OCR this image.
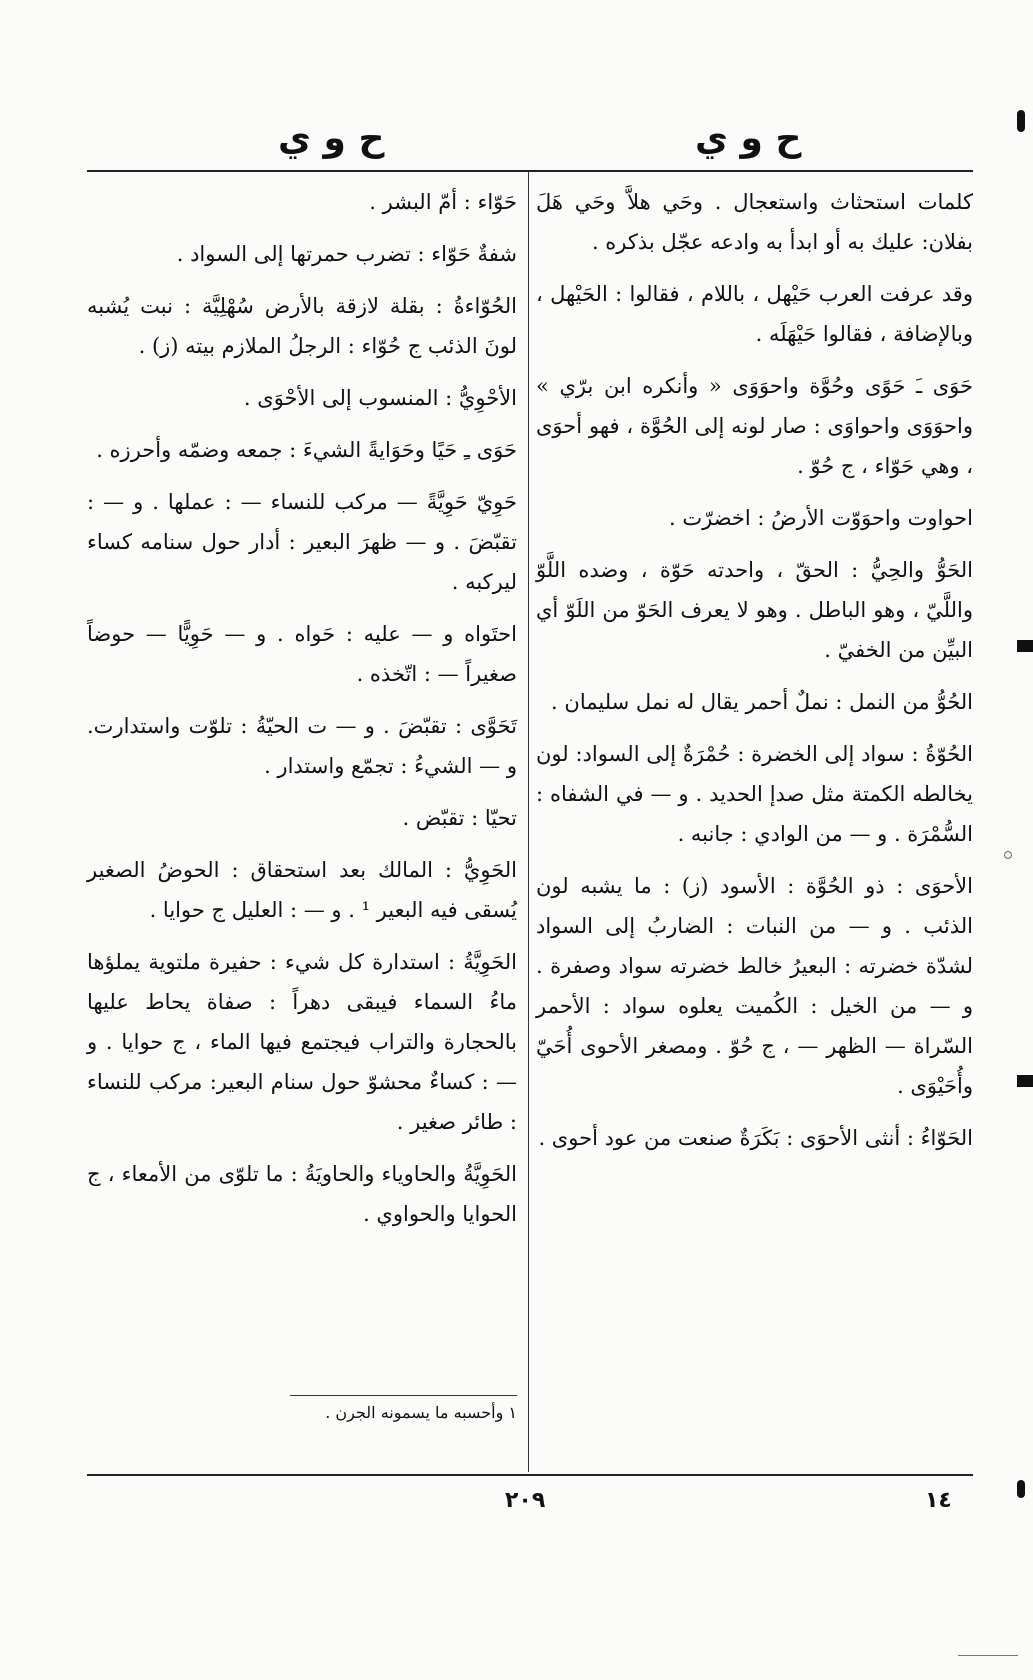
ح و ي
ح و ي

كلمات استحثاث واستعجال . وحَي هلاَّ وحَي هَلَ بفلان: عليك به أو ابدأ به وادعه عجّل بذكره .

وقد عرفت العرب حَيْهل ، باللام ، فقالوا : الحَيْهل ، وبالإضافة ، فقالوا حَيْهَلَه .

حَوَى ـَ حَوًى وحُوَّة واحوَوَى « وأنكره ابن برّي » واحوَوَى واحواوَى : صار لونه إلى الحُوَّة ، فهو أحوَى ، وهي حَوّاء ، ج حُوّ .

احواوت واحوَوّت الأرضُ : اخضرّت .

الحَوُّ والحِيُّ : الحقّ ، واحدته حَوّة ، وضده اللَّوّ واللَّيّ ، وهو الباطل . وهو لا يعرف الحَوّ من اللَوّ أي البيِّن من الخفيّ .

الحُوُّ من النمل : نملٌ أحمر يقال له نمل سليمان .

الحُوّةُ : سواد إلى الخضرة : حُمْرَةٌ إلى السواد: لون يخالطه الكمتة مثل صدإ الحديد . و — في الشفاه : السُّمْرَة . و — من الوادي : جانبه .

الأحوَى : ذو الحُوَّة : الأسود (ز) : ما يشبه لون الذئب . و — من النبات : الضاربُ إلى السواد لشدّة خضرته : البعيرُ خالط خضرته سواد وصفرة . و — من الخيل : الكُميت يعلوه سواد : الأحمر السّراة — الظهر — ، ج حُوّ . ومصغر الأحوى أُحَيّ وأُحَيْوَى .

الحَوّاءُ : أنثى الأحوَى : بَكَرَةٌ صنعت من عود أحوى .

حَوّاء : أمّ البشر .

شفةٌ حَوّاء : تضرب حمرتها إلى السواد .

الحُوّاءةُ : بقلة لازقة بالأرض سُهْلِيَّة : نبت يُشبه لونَ الذئب ج حُوّاء : الرجلُ الملازم بيته (ز) .

الأحْوِيُّ : المنسوب إلى الأحْوَى .

حَوَى ـِ حَيًا وحَوَايةً الشيءَ : جمعه وضمّه وأحرزه .

حَوِيّ حَوِيَّةً — مركب للنساء — : عملها . و — : تقبّضَ . و — ظهرَ البعير : أدار حول سنامه كساء ليركبه .

احتَواه و — عليه : حَواه . و — حَوِيًّا — حوضاً صغيراً — : اتّخذه .

تَحَوَّى : تقبّضَ . و — ت الحيّةُ : تلوّت واستدارت. و — الشيءُ : تجمّع واستدار .

تحيّا : تقبّض .

الحَوِيُّ : المالك بعد استحقاق : الحوضُ الصغير يُسقى فيه البعير ¹ . و — : العليل ج حوايا .

الحَوِيَّةُ : استدارة كل شيء : حفيرة ملتوية يملؤها ماءُ السماء فيبقى دهراً : صفاة يحاط عليها بالحجارة والتراب فيجتمع فيها الماء ، ج حوايا . و — : كساءٌ محشوّ حول سنام البعير: مركب للنساء : طائر صغير .

الحَوِيَّةُ والحاوياء والحاويَةُ : ما تلوّى من الأمعاء ، ج الحوايا والحواوي .

١ وأحسبه ما يسمونه الجرن .
١٤
٢٠٩
